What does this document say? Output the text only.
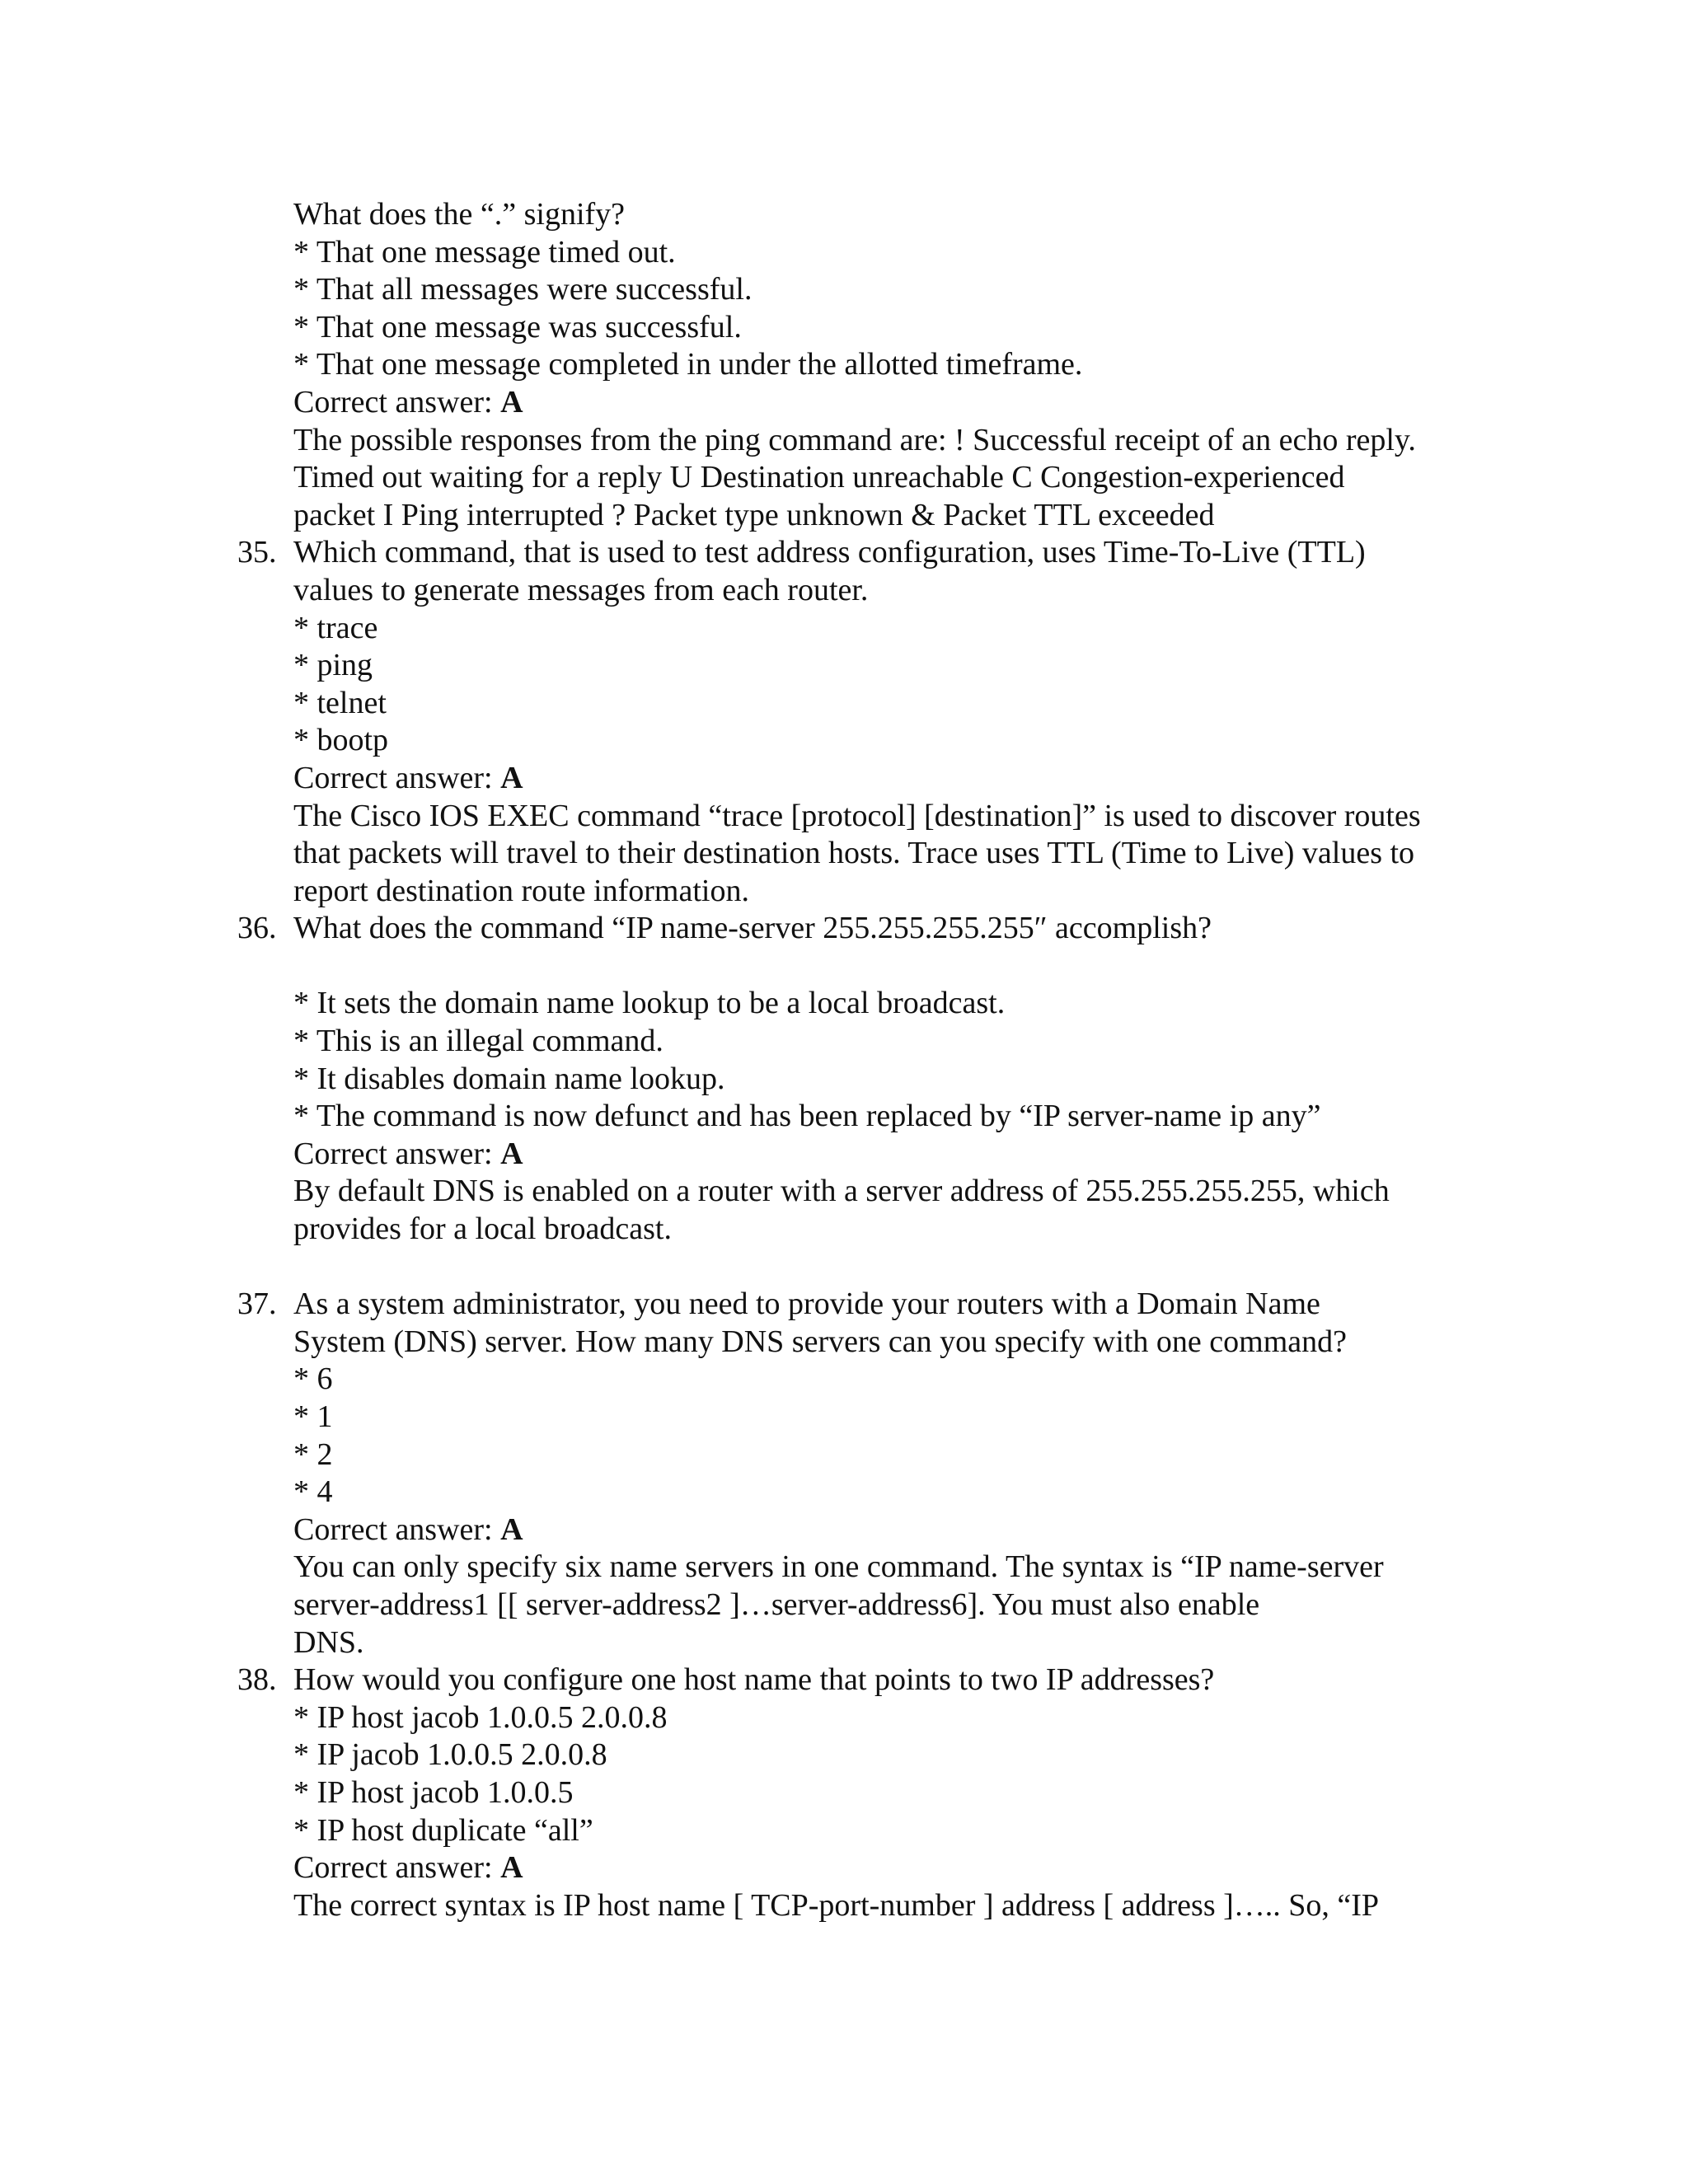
What does the “.” signify?
* That one message timed out.
* That all messages were successful.
* That one message was successful.
* That one message completed in under the allotted timeframe.
Correct answer: A
The possible responses from the ping command are: ! Successful receipt of an echo reply.
Timed out waiting for a reply U Destination unreachable C Congestion-experienced
packet I Ping interrupted ? Packet type unknown & Packet TTL exceeded
35. Which command, that is used to test address configuration, uses Time-To-Live (TTL)
values to generate messages from each router.
* trace
* ping
* telnet
* bootp
Correct answer: A
The Cisco IOS EXEC command “trace [protocol] [destination]” is used to discover routes
that packets will travel to their destination hosts. Trace uses TTL (Time to Live) values to
report destination route information.
36. What does the command “IP name-server 255.255.255.255″ accomplish?
* It sets the domain name lookup to be a local broadcast.
* This is an illegal command.
* It disables domain name lookup.
* The command is now defunct and has been replaced by “IP server-name ip any”
Correct answer: A
By default DNS is enabled on a router with a server address of 255.255.255.255, which
provides for a local broadcast.
37. As a system administrator, you need to provide your routers with a Domain Name
System (DNS) server. How many DNS servers can you specify with one command?
* 6
* 1
* 2
* 4
Correct answer: A
You can only specify six name servers in one command. The syntax is “IP name-server
server-address1 [[ server-address2 ]…server-address6]. You must also enable
DNS.
38. How would you configure one host name that points to two IP addresses?
* IP host jacob 1.0.0.5 2.0.0.8
* IP jacob 1.0.0.5 2.0.0.8
* IP host jacob 1.0.0.5
* IP host duplicate “all”
Correct answer: A
The correct syntax is IP host name [ TCP-port-number ] address [ address ]….. So, “IP
